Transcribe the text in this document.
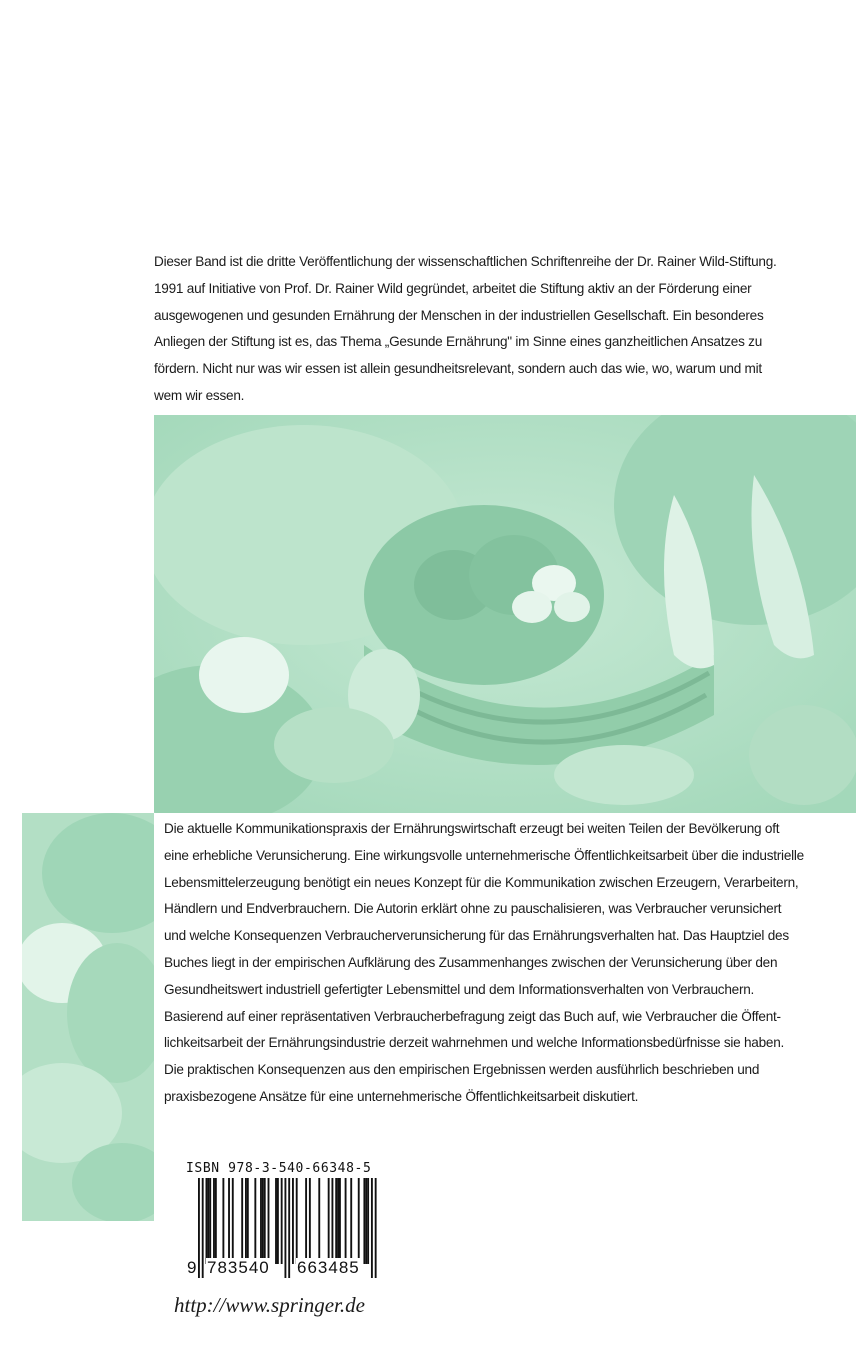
Dieser Band ist die dritte Veröffentlichung der wissenschaftlichen Schriftenreihe der Dr. Rainer Wild-Stiftung.
1991 auf Initiative von Prof. Dr. Rainer Wild gegründet, arbeitet die Stiftung aktiv an der Förderung einer
ausgewogenen und gesunden Ernährung der Menschen in der industriellen Gesellschaft. Ein besonderes
Anliegen der Stiftung ist es, das Thema „Gesunde Ernährung" im Sinne eines ganzheitlichen Ansatzes zu
fördern. Nicht nur was wir essen ist allein gesundheitsrelevant, sondern auch das wie, wo, warum und mit
wem wir essen.
Die aktuelle Kommunikationspraxis der Ernährungswirtschaft erzeugt bei weiten Teilen der Bevölkerung oft
eine erhebliche Verunsicherung. Eine wirkungsvolle unternehmerische Öffentlichkeitsarbeit über die industrielle
Lebensmittelerzeugung benötigt ein neues Konzept für die Kommunikation zwischen Erzeugern, Verarbeitern,
Händlern und Endverbrauchern. Die Autorin erklärt ohne zu pauschalisieren, was Verbraucher verunsichert
und welche Konsequenzen Verbraucherverunsicherung für das Ernährungsverhalten hat. Das Hauptziel des
Buches liegt in der empirischen Aufklärung des Zusammenhanges zwischen der Verunsicherung über den
Gesundheitswert industriell gefertigter Lebensmittel und dem Informationsverhalten von Verbrauchern.
Basierend auf einer repräsentativen Verbraucherbefragung zeigt das Buch auf, wie Verbraucher die Öffent-
lichkeitsarbeit der Ernährungsindustrie derzeit wahrnehmen und welche Informationsbedürfnisse sie haben.
Die praktischen Konsequenzen aus den empirischen Ergebnissen werden ausführlich beschrieben und
praxisbezogene Ansätze für eine unternehmerische Öffentlichkeitsarbeit diskutiert.

ISBN 978-3-540-66348-5

9 783540 663485

http://www.springer.de
